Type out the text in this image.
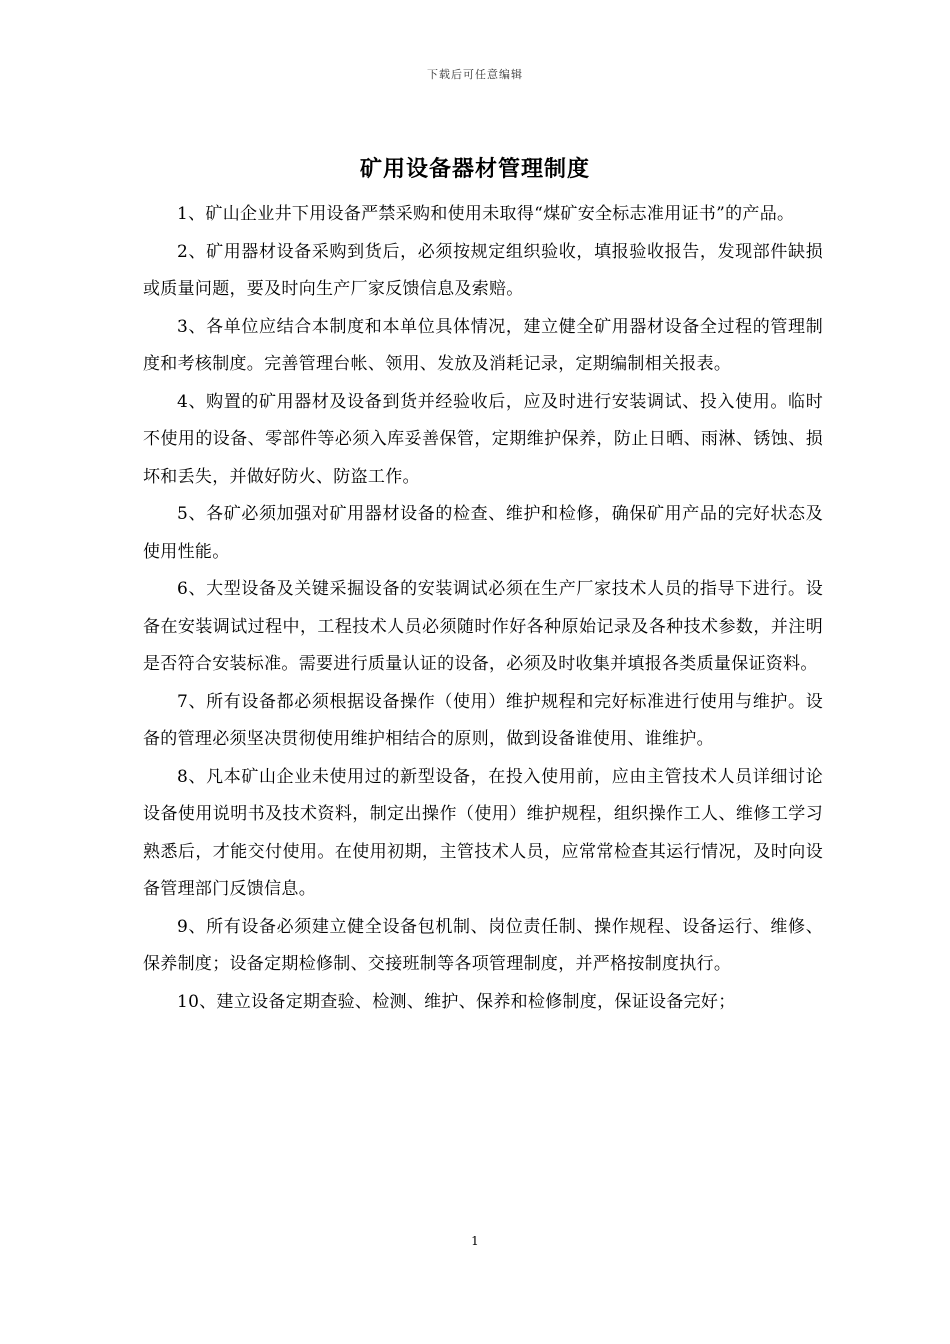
下载后可任意编辑
矿用设备器材管理制度

1、矿山企业井下用设备严禁采购和使用未取得“煤矿安全标志准用证书”的产品。

2、矿用器材设备采购到货后，必须按规定组织验收，填报验收报告，发现部件缺损或质量问题，要及时向生产厂家反馈信息及索赔。

3、各单位应结合本制度和本单位具体情况，建立健全矿用器材设备全过程的管理制度和考核制度。完善管理台帐、领用、发放及消耗记录，定期编制相关报表。

4、购置的矿用器材及设备到货并经验收后，应及时进行安装调试、投入使用。临时不使用的设备、零部件等必须入库妥善保管，定期维护保养，防止日晒、雨淋、锈蚀、损坏和丢失，并做好防火、防盗工作。

5、各矿必须加强对矿用器材设备的检查、维护和检修，确保矿用产品的完好状态及使用性能。

6、大型设备及关键采掘设备的安装调试必须在生产厂家技术人员的指导下进行。设备在安装调试过程中，工程技术人员必须随时作好各种原始记录及各种技术参数，并注明是否符合安装标准。需要进行质量认证的设备，必须及时收集并填报各类质量保证资料。

7、所有设备都必须根据设备操作（使用）维护规程和完好标准进行使用与维护。设备的管理必须坚决贯彻使用维护相结合的原则，做到设备谁使用、谁维护。

8、凡本矿山企业未使用过的新型设备，在投入使用前，应由主管技术人员详细讨论设备使用说明书及技术资料，制定出操作（使用）维护规程，组织操作工人、维修工学习熟悉后，才能交付使用。在使用初期，主管技术人员，应常常检查其运行情况，及时向设备管理部门反馈信息。

9、所有设备必须建立健全设备包机制、岗位责任制、操作规程、设备运行、维修、保养制度；设备定期检修制、交接班制等各项管理制度，并严格按制度执行。

10、建立设备定期查验、检测、维护、保养和检修制度，保证设备完好；

1
